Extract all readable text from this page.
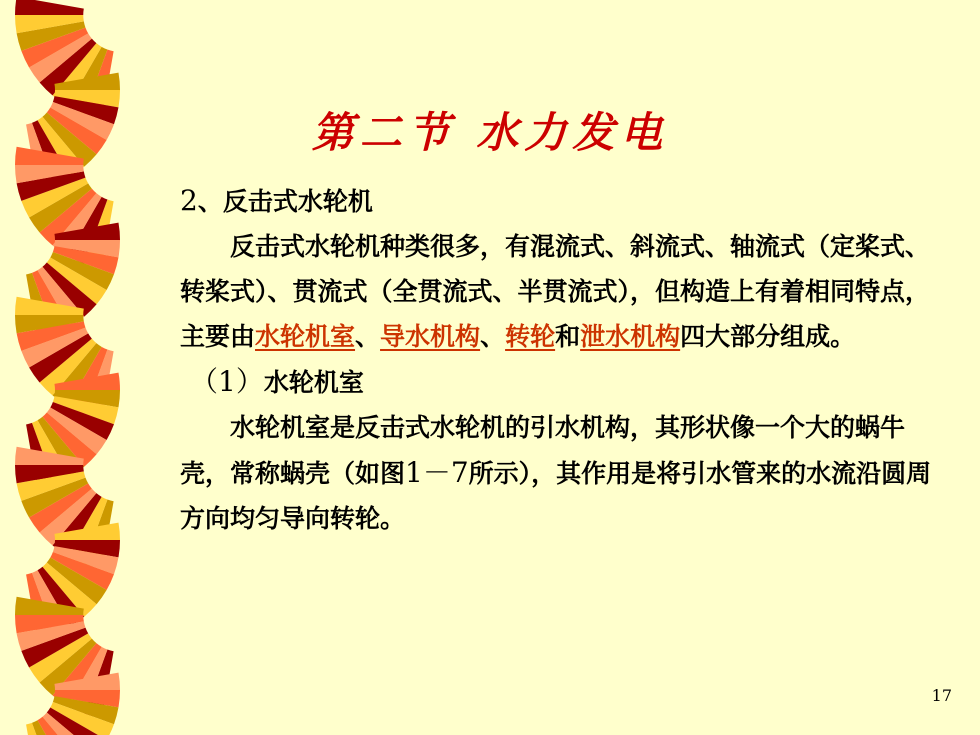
第二节 水力发电

2、反击式水轮机

反击式水轮机种类很多，有混流式、斜流式、轴流式（定桨式、转桨式）、贯流式（全贯流式、半贯流式），但构造上有着相同特点，主要由水轮机室、导水机构、转轮和泄水机构四大部分组成。

（1）水轮机室

水轮机室是反击式水轮机的引水机构，其形状像一个大的蜗牛壳，常称蜗壳（如图1－7所示），其作用是将引水管来的水流沿圆周方向均匀导向转轮。

17
